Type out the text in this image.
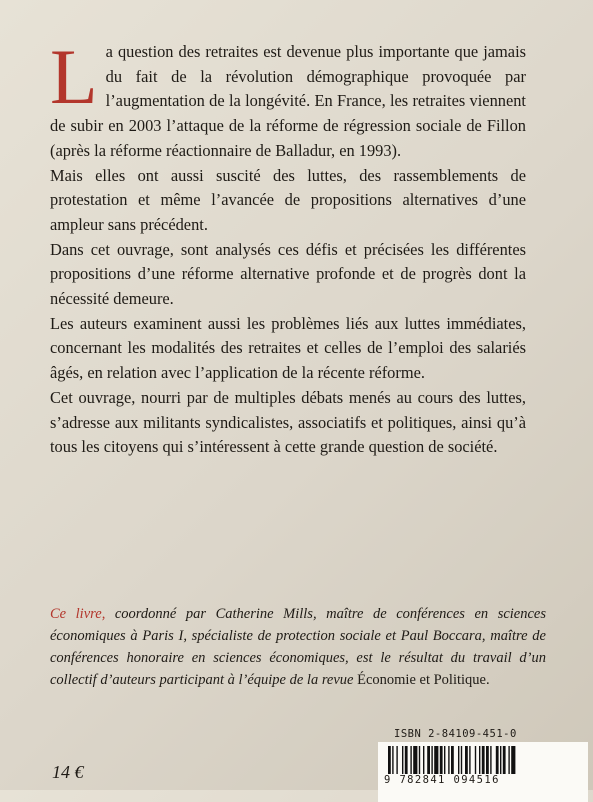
La question des retraites est devenue plus importante que jamais du fait de la révolution démographique provoquée par l’augmentation de la longévité. En France, les retraites viennent de subir en 2003 l’attaque de la réforme de régression sociale de Fillon (après la réforme réactionnaire de Balladur, en 1993).

Mais elles ont aussi suscité des luttes, des rassemblements de protestation et même l’avancée de propositions alternatives d’une ampleur sans précédent.

Dans cet ouvrage, sont analysés ces défis et précisées les différentes propositions d’une réforme alternative profonde et de progrès dont la nécessité demeure.

Les auteurs examinent aussi les problèmes liés aux luttes immédiates, concernant les modalités des retraites et celles de l’emploi des salariés âgés, en relation avec l’application de la récente réforme.

Cet ouvrage, nourri par de multiples débats menés au cours des luttes, s’adresse aux militants syndicalistes, associatifs et politiques, ainsi qu’à tous les citoyens qui s’intéressent à cette grande question de société.

Ce livre, coordonné par Catherine Mills, maître de conférences en sciences économiques à Paris I, spécialiste de protection sociale et Paul Boccara, maître de conférences honoraire en sciences économiques, est le résultat du travail d’un collectif d’auteurs participant à l’équipe de la revue Économie et Politique.

ISBN 2-84109-451-0
9 782841 094516
14 €
